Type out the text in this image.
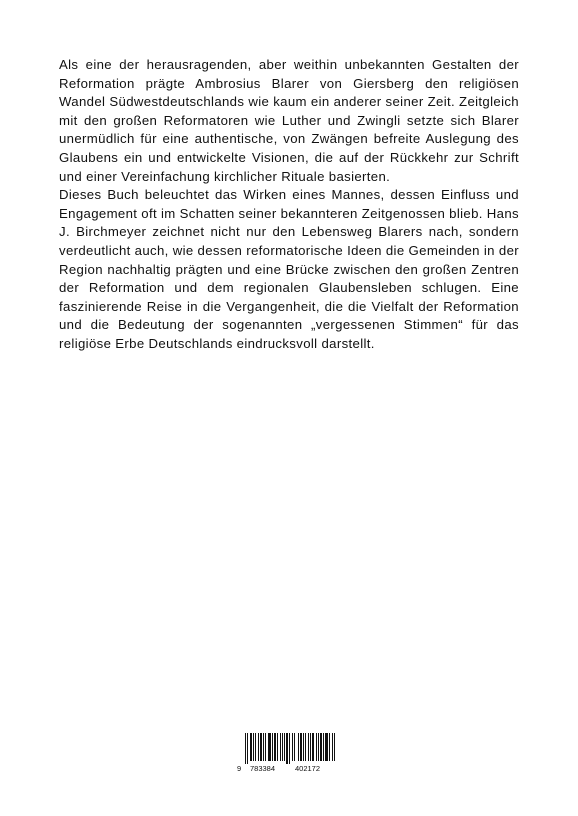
Als eine der herausragenden, aber weithin unbekannten Gestalten der Reformation prägte Ambrosius Blarer von Giersberg den religiösen Wandel Südwestdeutschlands wie kaum ein anderer seiner Zeit. Zeitgleich mit den großen Reformatoren wie Luther und Zwingli setzte sich Blarer unermüdlich für eine authentische, von Zwängen befreite Auslegung des Glaubens ein und entwickelte Visionen, die auf der Rückkehr zur Schrift und einer Vereinfachung kirchlicher Rituale basierten.

Dieses Buch beleuchtet das Wirken eines Mannes, dessen Einfluss und Engagement oft im Schatten seiner bekannteren Zeitgenossen blieb. Hans J. Birchmeyer zeichnet nicht nur den Lebensweg Blarers nach, sondern verdeutlicht auch, wie dessen reformatorische Ideen die Gemeinden in der Region nachhaltig prägten und eine Brücke zwischen den großen Zentren der Reformation und dem regionalen Glaubensleben schlugen. Eine faszinierende Reise in die Vergangenheit, die die Vielfalt der Reformation und die Bedeutung der sogenannten „vergessenen Stimmen“ für das religiöse Erbe Deutschlands eindrucksvoll darstellt.

9 783384	402172
